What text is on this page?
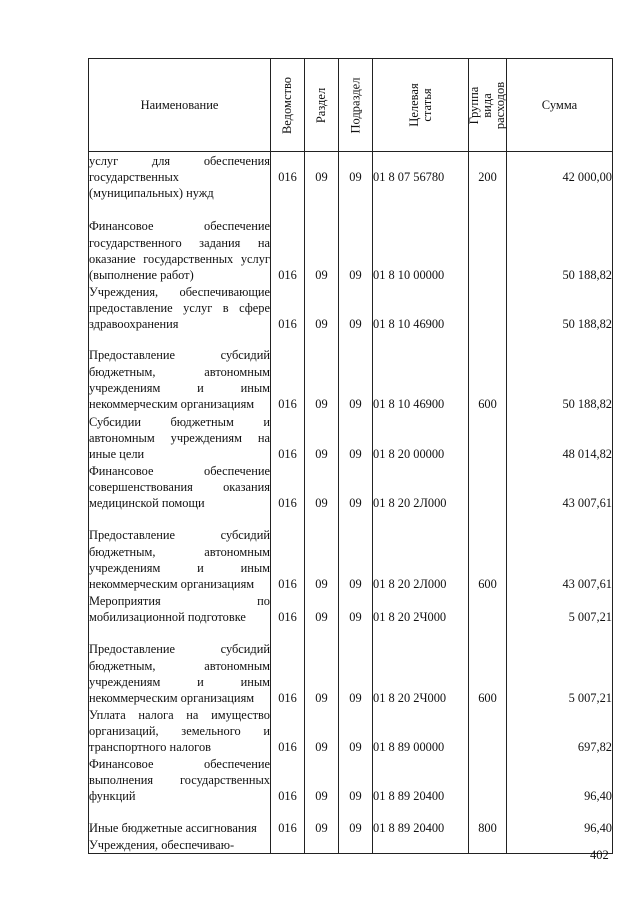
Наименование	Ведомство	Раздел	Подраздел	Целевая статья	Группа вида расходов	Сумма
услуг для обеспечения государственных (муниципальных) нужд	016	09	09	01 8 07 56780	200	42 000,00
Финансовое обеспечение государственного задания на оказание государственных услуг (выполнение работ)	016	09	09	01 8 10 00000		50 188,82
Учреждения, обеспечивающие предоставление услуг в сфере здравоохранения	016	09	09	01 8 10 46900		50 188,82
Предоставление субсидий бюджетным, автономным учреждениям и иным некоммерческим организациям	016	09	09	01 8 10 46900	600	50 188,82
Субсидии бюджетным и автономным учреждениям на иные цели	016	09	09	01 8 20 00000		48 014,82
Финансовое обеспечение совершенствования оказания медицинской помощи	016	09	09	01 8 20 2Л000		43 007,61
Предоставление субсидий бюджетным, автономным учреждениям и иным некоммерческим организациям	016	09	09	01 8 20 2Л000	600	43 007,61
Мероприятия по мобилизационной подготовке	016	09	09	01 8 20 2Ч000		5 007,21
Предоставление субсидий бюджетным, автономным учреждениям и иным некоммерческим организациям	016	09	09	01 8 20 2Ч000	600	5 007,21
Уплата налога на имущество организаций, земельного и транспортного налогов	016	09	09	01 8 89 00000		697,82
Финансовое обеспечение выполнения государственных функций	016	09	09	01 8 89 20400		96,40
Иные бюджетные ассигнования	016	09	09	01 8 89 20400	800	96,40
Учреждения, обеспечиваю-						
402
